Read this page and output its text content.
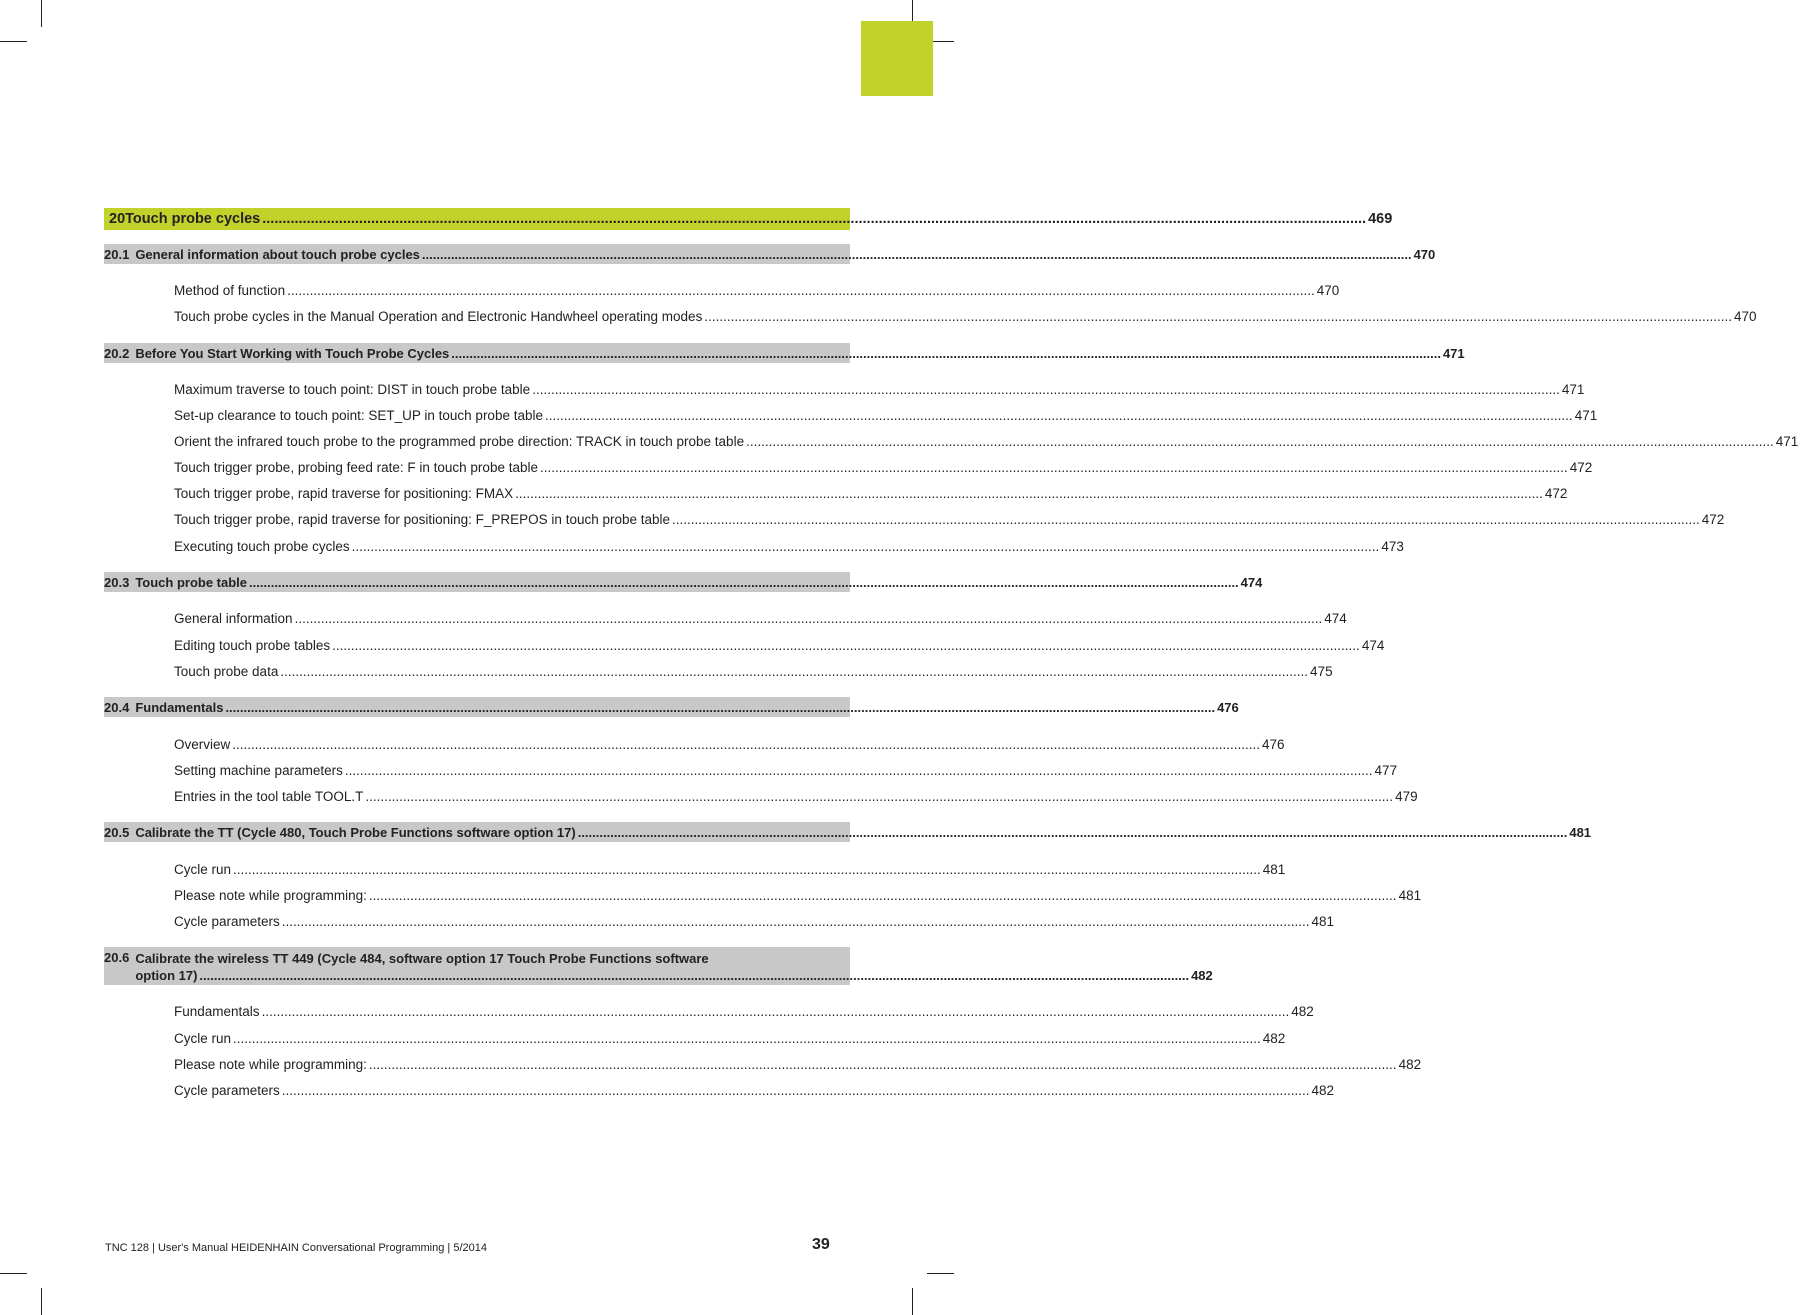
20 Touch probe cycles .....	469
20.1 General information about touch probe cycles .....	470
Method of function .....	470
Touch probe cycles in the Manual Operation and Electronic Handwheel operating modes .....	470
20.2 Before You Start Working with Touch Probe Cycles .....	471
Maximum traverse to touch point: DIST in touch probe table .....	471
Set-up clearance to touch point: SET_UP in touch probe table .....	471
Orient the infrared touch probe to the programmed probe direction: TRACK in touch probe table .....	471
Touch trigger probe, probing feed rate: F in touch probe table .....	472
Touch trigger probe, rapid traverse for positioning: FMAX .....	472
Touch trigger probe, rapid traverse for positioning: F_PREPOS in touch probe table .....	472
Executing touch probe cycles .....	473
20.3 Touch probe table .....	474
General information .....	474
Editing touch probe tables .....	474
Touch probe data .....	475
20.4 Fundamentals .....	476
Overview .....	476
Setting machine parameters .....	477
Entries in the tool table TOOL.T .....	479
20.5 Calibrate the TT (Cycle 480, Touch Probe Functions software option 17) .....	481
Cycle run .....	481
Please note while programming: .....	481
Cycle parameters .....	481
20.6 Calibrate the wireless TT 449 (Cycle 484, software option 17 Touch Probe Functions software
option 17) .....	482
Fundamentals .....	482
Cycle run .....	482
Please note while programming: .....	482
Cycle parameters .....	482
TNC 128 | User's Manual HEIDENHAIN Conversational Programming | 5/2014	39
